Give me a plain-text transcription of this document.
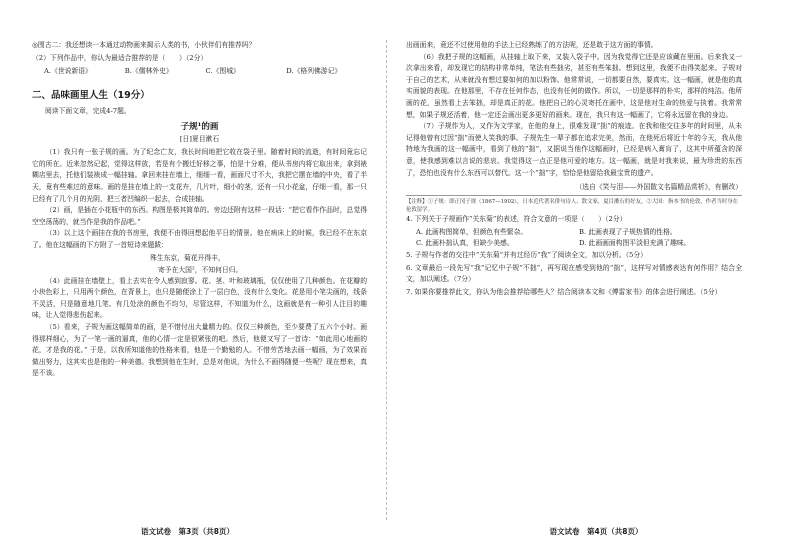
◎围古二：我还想读一本通过动物画来揭示人类的书，小伙伴们有推荐吗？

（2）下列作品中，你认为最适合推荐的是（　　）（2分）

A.《世说新语》	B.《儒林外史》	C.《围城》	D.《格列佛游记》
二、品味画里人生（19分）

阅读下面文章，完成4-7题。

子规¹的画
[日]夏目漱石

（1）我只有一张子规的画。为了纪念亡友，我长时间地把它收在袋子里。随着时间的流逝，有时间竟忘记它的所在。近来忽然记起，觉得这样放，若是有个搬迁好移之事，怕是十分难，便从书房内将它取出来，拿到裱糊店里去，托他们装裱成一幅挂轴。拿回来挂在墙上，细细一看，画面尺寸不大，我把它摆在墙的中央，看了半天，竟有些难过的意味。画的是挂在墙上的一支花卉，几片叶，细小的茎，还有一只小花盆，仔细一看，那一只已经有了几个月的光阴，把三者凹编织一起去，合成挂轴。

（2）画，是插在小花瓶中的东西。构图是极其简单的。旁边还附有这样一段话：“把它看作作品时，总觉得空空荡荡的，就当作是我的作品吧。”

（3）以上这个画挂在我的书房里，我便不由得回想起他平日的情景。他在病床上的时候，我已经不在东京了。他在这幅画的下方附了一首短诗来题跋：

殊生东京，菊花开得丰，

寄予在大国²，不知何日归。

（4）此画挂在墙壁上，看上去实在令人感到寂寥。花、茎、叶和玻璃瓶，仅仅使用了几种颜色。在花瓣的小块色彩上，只用两个颜色，在背景上，也只是随便涂上了一层白色，没有什么变化。花是用小笔尖画的，线条不灵活，只是随意地几笔。有几处涂的颜色不均匀，尽管这样，不知道为什么，这画就是有一种引人注目的趣味，让人觉得悲伤起来。

（5）看来，子规为画这幅简单的画，是不惜付出大量精力的。仅仅三种颜色，至少要费了五六个小时。画得那样细心，为了一笔一画的逼真，他的心情一定是很紧张的吧。然后，他便又写了一首诗：“如此用心地画的花，才是我的花。” 于是，以我所知道他的性格来看，他是一个勤勉的人。不惜劳苦地去画一幅画，为了效果而做出努力，这其实也是他的一种美德。我想到他在生时，总是对他说，为什么不画得随便一些呢？现在想来，真是不该。

语文试卷　第3页（共8页）

出画面来，竟还不过使用他的手法上已经熟练了的方法呢，还是敢于这方面的事情。

（6）我把子规的这幅画，从挂轴上取下来，又装入袋子中。因为我觉得它还是应该藏在里面。后来我又一次拿出来看，却发现它的结构非常单纯，笔法有些拙劣，甚至有些笨拙。想到这里，我便不由得笑起来。子规对于自己的艺术，从来就没有想过要如何的加以粉饰。他常常说，一切都要自然，要真实。这一幅画，就是他的真实面貌的表现。在他那里，不存在任何作态，也没有任何的做作。所以，一切是那样的朴实，那样的纯洁。他所画的花，虽然看上去笨拙，却是真正的花。他把自己的心灵寄托在画中，这是他对生命的热爱与执着。我常常想，如果子规还活着，他一定还会画出更多更好的画来。现在，我只有这一幅画了，它将永远留在我的身边。

（7）子规作为人，又作为文学家，在他的身上，很难发现“拙”的痕迹。在我和他交往多年的时间里，从未记得他曾有过因“拙”而使人笑我的事。子规先生一辈子都在追求完美，然而，在他死后将近十年的今天，我从他特地为我画的这一幅画中，看到了他的“拙”，又据说当他作这幅画时，已经是病入膏肓了，这其中所蕴含的深意，使我感到难以言说的悲哀。我觉得这一点正是他可爱的地方。这一幅画，就是对我来说，最为珍贵的东西了，恐怕也没有什么东西可以替代。这一个“拙”字，恰恰是他留给我最宝贵的遗产。

（选自《笑与泪——外国散文名篇精品赏析》，有删改）

【注释】①子规：即正冈子规（1867—1902），日本近代著名俳句诗人、散文家，夏目漱石的好友。②大国：指本书的伦敦，作者当时身在伦敦留学。

4. 下列关于子规画作“关东菊”的表述，符合文意的一项是（　　）（2分）

A. 此画构图简单，但颜色有些繁杂。	B. 此画表现了子规热情的性格。
C. 此画朴拙认真，但缺少美感。	D. 此画画面构图平淡但充满了趣味。

5. 子规与作者的交往中“关东菊”并有过经历“我”了阅读全文，加以分析。（5分）

6. 文章最后一段先写“我”记忆中子规“不拙”，再写现在感受到他的“拙”，这样写对情感表达有何作用？结合全文，加以阐述。（7分）

7. 如果你要推荐此文，你认为他会推荐给哪些人？结合阅读本文和《傅雷家书》的体会进行阐述。（5分）

语文试卷　第4页（共8页）
